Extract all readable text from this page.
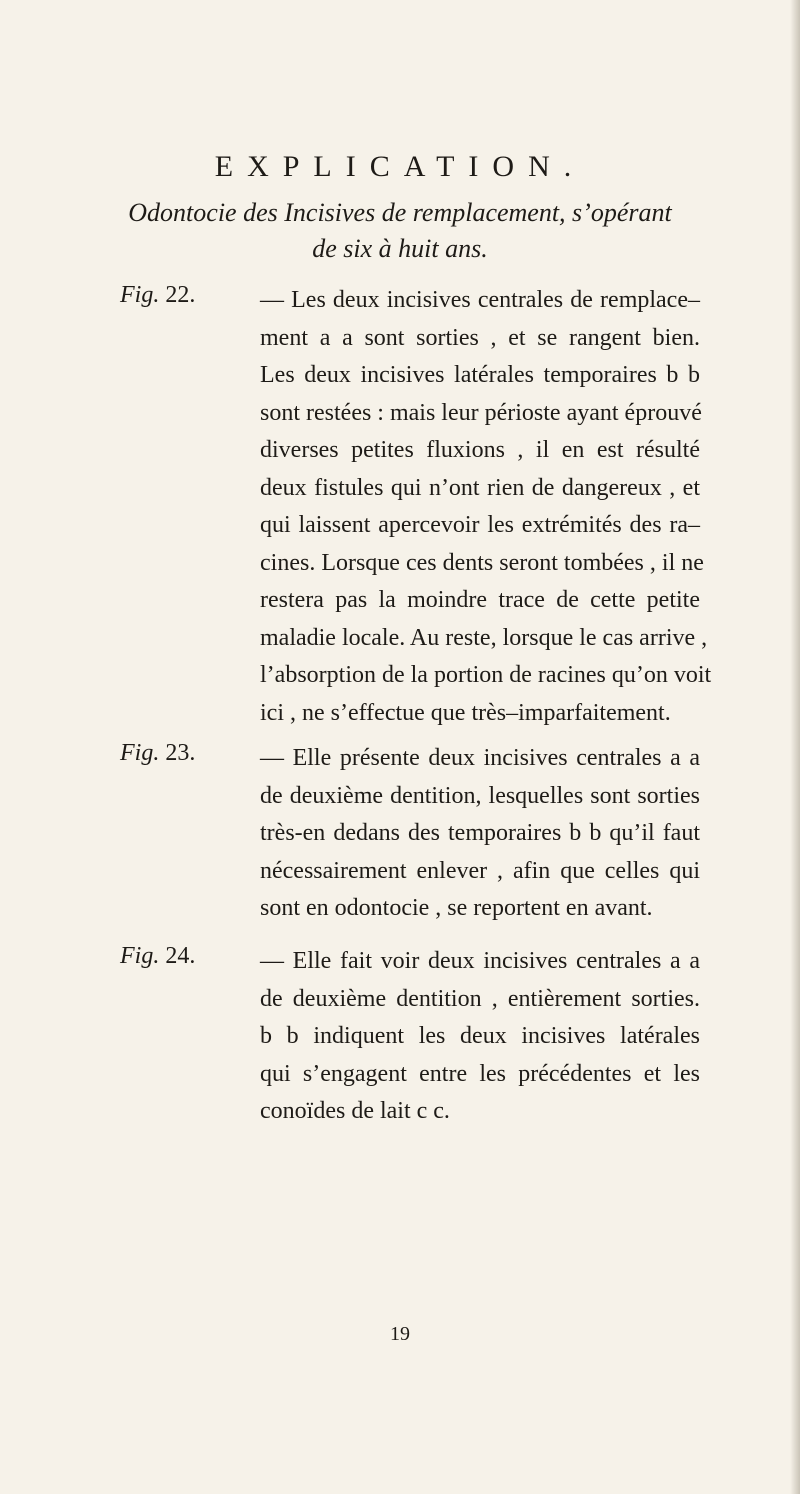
EXPLICATION.
Odontocie des Incisives de remplacement, s’opérant
de six à huit ans.
Fig. 22.	— Les deux incisives centrales de remplace–
ment a a sont sorties , et se rangent bien.
Les deux incisives latérales temporaires b b
sont restées : mais leur périoste ayant éprouvé
diverses petites fluxions , il en est résulté
deux fistules qui n’ont rien de dangereux , et
qui laissent apercevoir les extrémités des ra–
cines. Lorsque ces dents seront tombées , il ne
restera pas la moindre trace de cette petite
maladie locale. Au reste, lorsque le cas arrive ,
l’absorption de la portion de racines qu’on voit
ici , ne s’effectue que très–imparfaitement.
Fig. 23.	— Elle présente deux incisives centrales a a
de deuxième dentition, lesquelles sont sorties
très-en dedans des temporaires b b qu’il faut
nécessairement enlever , afin que celles qui
sont en odontocie , se reportent en avant.
Fig. 24.	— Elle fait voir deux incisives centrales a a
de deuxième dentition , entièrement sorties.
b b indiquent les deux incisives latérales
qui s’engagent entre les précédentes et les
conoïdes de lait c c.
19
